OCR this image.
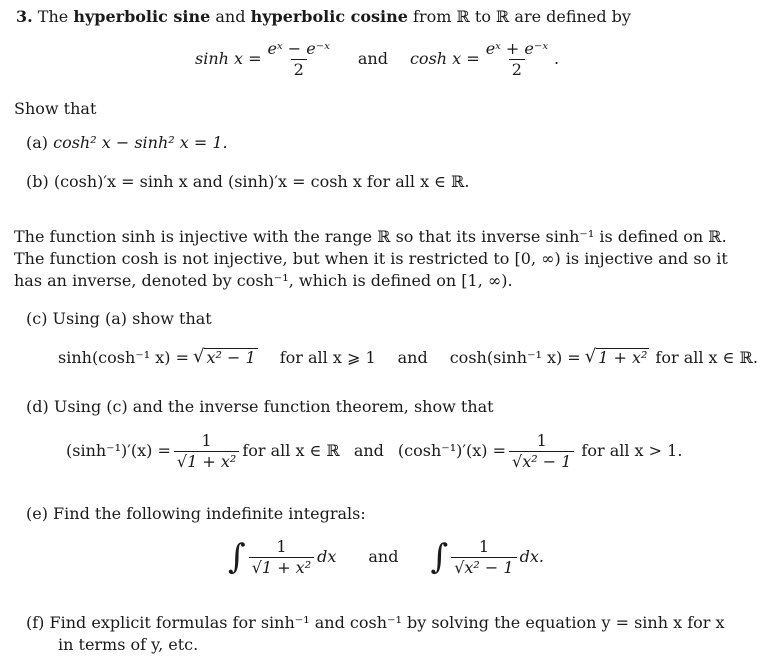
3. The hyperbolic sine and hyperbolic cosine from ℝ to ℝ are defined by
$\sinh x = \frac{\text{eˣ − e⁻ˣ}}{2}$ and $\cosh x = \frac{\text{eˣ + e⁻ˣ}}{2}$ .
Show that
(a) cosh² x − sinh² x = 1.
(b) (cosh)′x = sinh x and (sinh)′x = cosh x for all x ∈ ℝ.
The function sinh is injective with the range ℝ so that its inverse sinh⁻¹ is defined on ℝ.
The function cosh is not injective, but when it is restricted to [0, ∞) is injective and so it
has an inverse, denoted by cosh⁻¹, which is defined on [1, ∞).
(c) Using (a) show that
sinh(cosh⁻¹ x) = √ x² − 1 for all x ⩾ 1 and cosh(sinh⁻¹ x) = √ 1 + x² for all x ∈ ℝ.
(d) Using (c) and the inverse function theorem, show that
$(\sinh^{-1})'(x) = \frac{1}{\text{√1 + x²}}$ for all x ∈ ℝ and $(\cosh^{-1})'(x) = \frac{1}{\text{√x² − 1}}$ for all x > 1.
(e) Find the following indefinite integrals:
∫ $\frac{1}{\text{√1 + x²}}$ dx and ∫ $\frac{1}{\text{√x² − 1}}$ dx.
(f) Find explicit formulas for sinh⁻¹ and cosh⁻¹ by solving the equation y = sinh x for x
in terms of y, etc.
